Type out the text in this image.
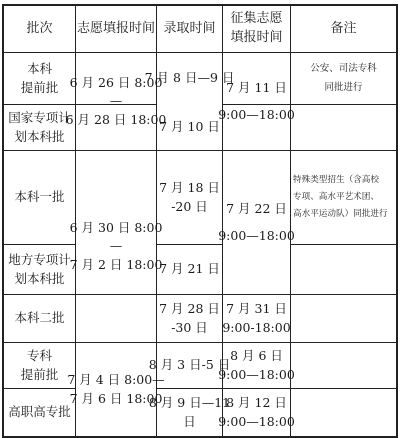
批次 志愿填报时间 录取时间
征集志愿
填报时间
备注
本科
提前批
国家专项计
划本科批
本科一批
地方专项计
划本科批
本科二批
专科
提前批
高职高专批
6 月 26 日 8:00
—
6 月 28 日 18:00
6 月 30 日 8:00
—
7 月 2 日 18:00
7 月 4 日 8:00—
7 月 6 日 18:00
7 月 8 日—9 日
7 月 10 日
7 月 18 日
-20 日
7 月 21 日
7 月 28 日
-30 日
8 月 3 日-5 日
8 月 9 日—11
日
7 月 11 日
9:00—18:00
7 月 22 日
9:00—18:00
7 月 31 日
9:00-18:00
8 月 6 日
9:00—18:00
8 月 12 日
9:00—18:00
公安、司法专科
同批进行
特殊类型招生（含高校
专项、高水平艺术团、
高水平运动队）同批进行
